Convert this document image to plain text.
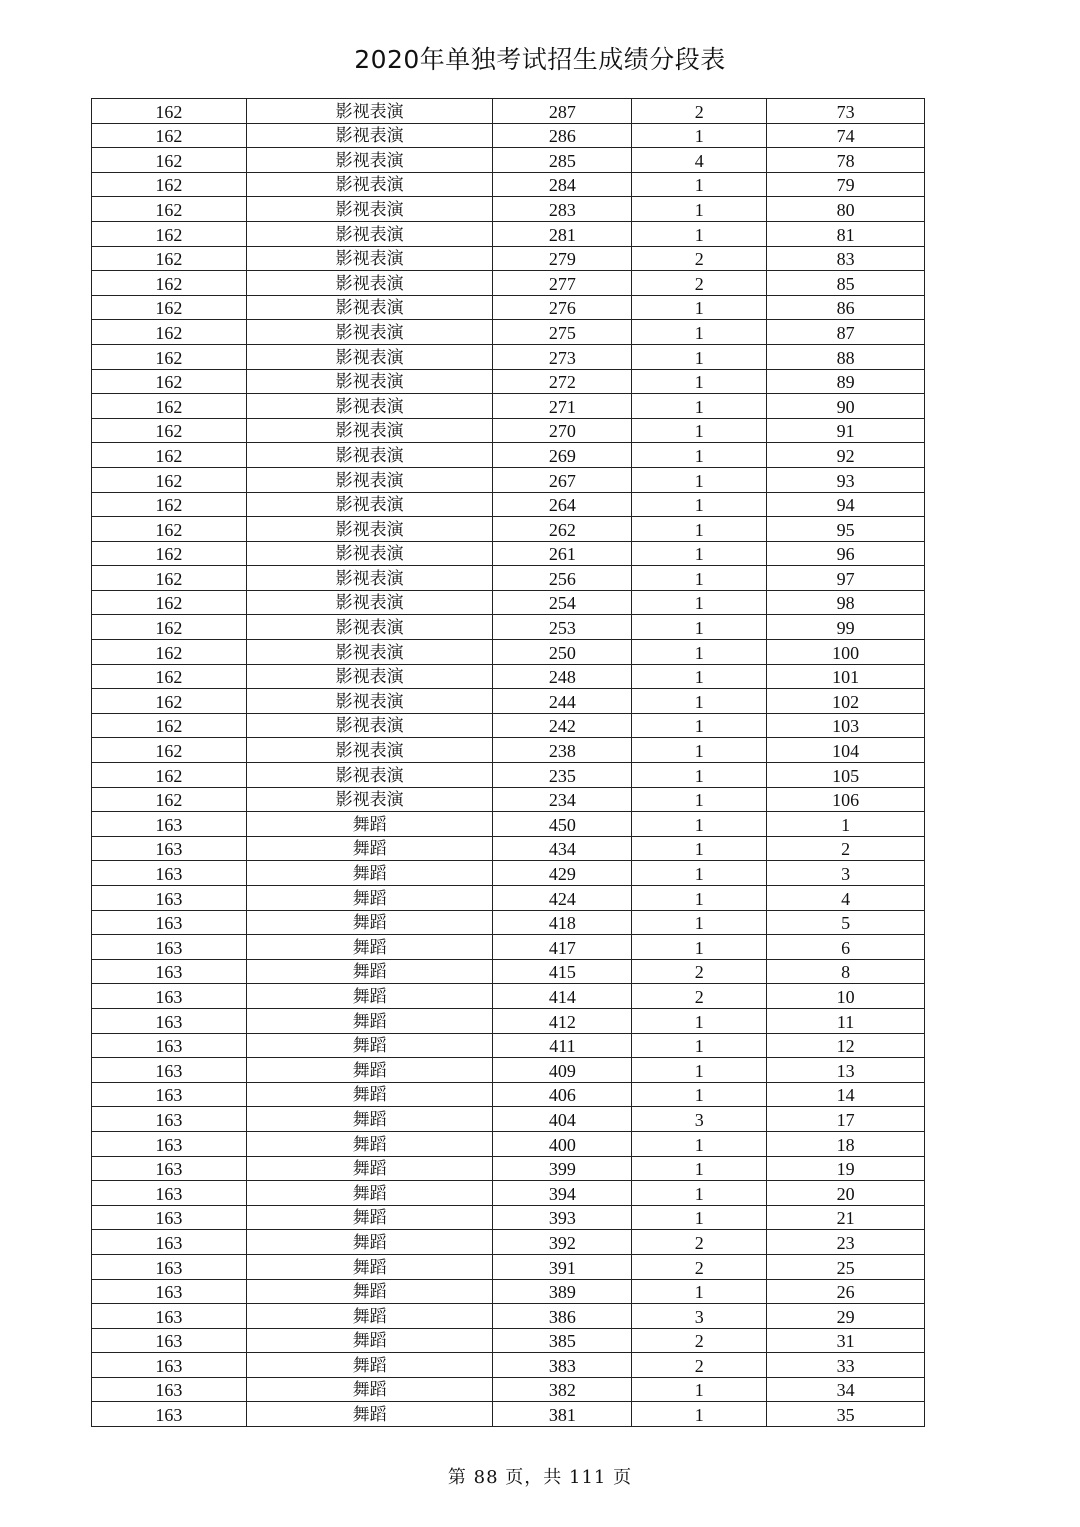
2020年单独考试招生成绩分段表
162	影视表演	287	2	73
162	影视表演	286	1	74
162	影视表演	285	4	78
162	影视表演	284	1	79
162	影视表演	283	1	80
162	影视表演	281	1	81
162	影视表演	279	2	83
162	影视表演	277	2	85
162	影视表演	276	1	86
162	影视表演	275	1	87
162	影视表演	273	1	88
162	影视表演	272	1	89
162	影视表演	271	1	90
162	影视表演	270	1	91
162	影视表演	269	1	92
162	影视表演	267	1	93
162	影视表演	264	1	94
162	影视表演	262	1	95
162	影视表演	261	1	96
162	影视表演	256	1	97
162	影视表演	254	1	98
162	影视表演	253	1	99
162	影视表演	250	1	100
162	影视表演	248	1	101
162	影视表演	244	1	102
162	影视表演	242	1	103
162	影视表演	238	1	104
162	影视表演	235	1	105
162	影视表演	234	1	106
163	舞蹈	450	1	1
163	舞蹈	434	1	2
163	舞蹈	429	1	3
163	舞蹈	424	1	4
163	舞蹈	418	1	5
163	舞蹈	417	1	6
163	舞蹈	415	2	8
163	舞蹈	414	2	10
163	舞蹈	412	1	11
163	舞蹈	411	1	12
163	舞蹈	409	1	13
163	舞蹈	406	1	14
163	舞蹈	404	3	17
163	舞蹈	400	1	18
163	舞蹈	399	1	19
163	舞蹈	394	1	20
163	舞蹈	393	1	21
163	舞蹈	392	2	23
163	舞蹈	391	2	25
163	舞蹈	389	1	26
163	舞蹈	386	3	29
163	舞蹈	385	2	31
163	舞蹈	383	2	33
163	舞蹈	382	1	34
163	舞蹈	381	1	35
第 88 页，共 111 页
